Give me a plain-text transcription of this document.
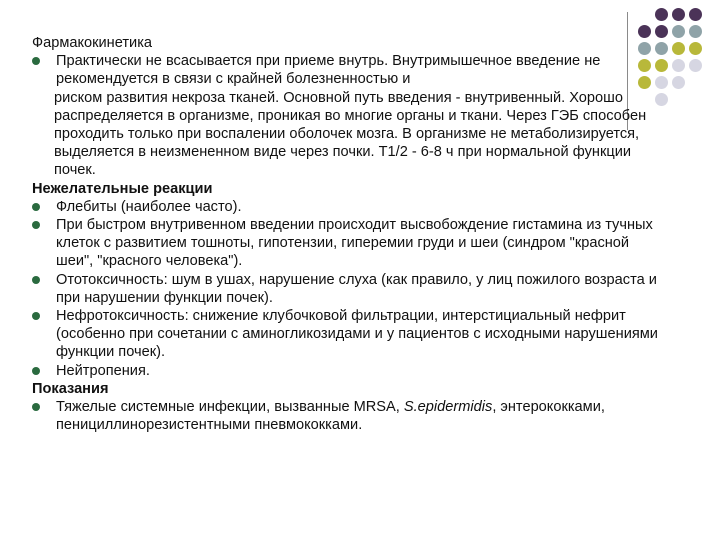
Фармакокинетика

Практически не всасывается при приеме внутрь. Внутримышечное введение не рекомендуется в связи с крайней болезненностью и
риском развития некроза тканей. Основной путь введения - внутривенный. Хорошо распределяется в организме, проникая во многие органы и ткани. Через ГЭБ способен проходить только при воспалении оболочек мозга. В организме не метаболизируется, выделяется в неизмененном виде через почки. Т1/2 - 6-8 ч при нормальной функции почек.

Нежелательные реакции

Флебиты (наиболее часто).
При быстром внутривенном введении происходит высвобождение гистамина из тучных клеток с развитием тошноты, гипотензии, гиперемии груди и шеи (синдром "красной шеи", "красного человека").
Ототоксичность: шум в ушах, нарушение слуха (как правило, у лиц пожилого возраста и при нарушении функции почек).
Нефротоксичность: снижение клубочковой фильтрации, интерстициальный нефрит (особенно при сочетании с аминогликозидами и у пациентов с исходными нарушениями функции почек).
Нейтропения.

Показания

Тяжелые системные инфекции, вызванные MRSA, S.epidermidis, энтерококками, пенициллинорезистентными пневмококками.
